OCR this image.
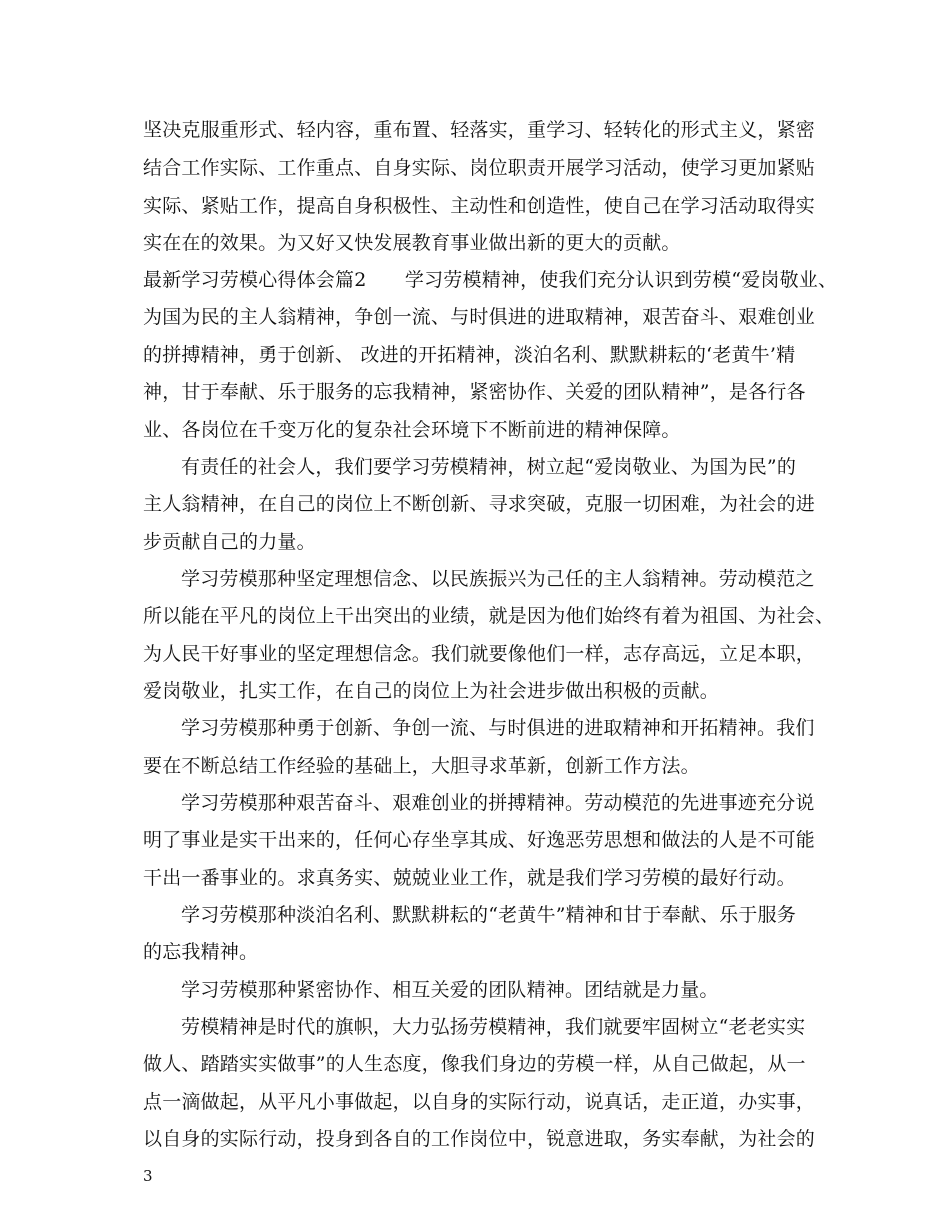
坚决克服重形式、轻内容，重布置、轻落实，重学习、轻转化的形式主义，紧密
结合工作实际、工作重点、自身实际、岗位职责开展学习活动，使学习更加紧贴
实际、紧贴工作，提高自身积极性、主动性和创造性，使自己在学习活动取得实
实在在的效果。为又好又快发展教育事业做出新的更大的贡献。
最新学习劳模心得体会篇2　　学习劳模精神，使我们充分认识到劳模“爱岗敬业、
为国为民的主人翁精神，争创一流、与时俱进的进取精神，艰苦奋斗、艰难创业
的拼搏精神，勇于创新、 改进的开拓精神，淡泊名利、默默耕耘的‘老黄牛’精
神，甘于奉献、乐于服务的忘我精神，紧密协作、关爱的团队精神”，是各行各
业、各岗位在千变万化的复杂社会环境下不断前进的精神保障。
有责任的社会人，我们要学习劳模精神，树立起“爱岗敬业、为国为民”的
主人翁精神，在自己的岗位上不断创新、寻求突破，克服一切困难，为社会的进
步贡献自己的力量。
学习劳模那种坚定理想信念、以民族振兴为己任的主人翁精神。劳动模范之
所以能在平凡的岗位上干出突出的业绩，就是因为他们始终有着为祖国、为社会、
为人民干好事业的坚定理想信念。我们就要像他们一样，志存高远，立足本职，
爱岗敬业，扎实工作，在自己的岗位上为社会进步做出积极的贡献。
学习劳模那种勇于创新、争创一流、与时俱进的进取精神和开拓精神。我们
要在不断总结工作经验的基础上，大胆寻求革新，创新工作方法。
学习劳模那种艰苦奋斗、艰难创业的拼搏精神。劳动模范的先进事迹充分说
明了事业是实干出来的，任何心存坐享其成、好逸恶劳思想和做法的人是不可能
干出一番事业的。求真务实、兢兢业业工作，就是我们学习劳模的最好行动。
学习劳模那种淡泊名利、默默耕耘的“老黄牛”精神和甘于奉献、乐于服务
的忘我精神。
学习劳模那种紧密协作、相互关爱的团队精神。团结就是力量。
劳模精神是时代的旗帜，大力弘扬劳模精神，我们就要牢固树立“老老实实
做人、踏踏实实做事”的人生态度，像我们身边的劳模一样，从自己做起，从一
点一滴做起，从平凡小事做起，以自身的实际行动，说真话，走正道，办实事，
以自身的实际行动，投身到各自的工作岗位中，锐意进取，务实奉献，为社会的
3
